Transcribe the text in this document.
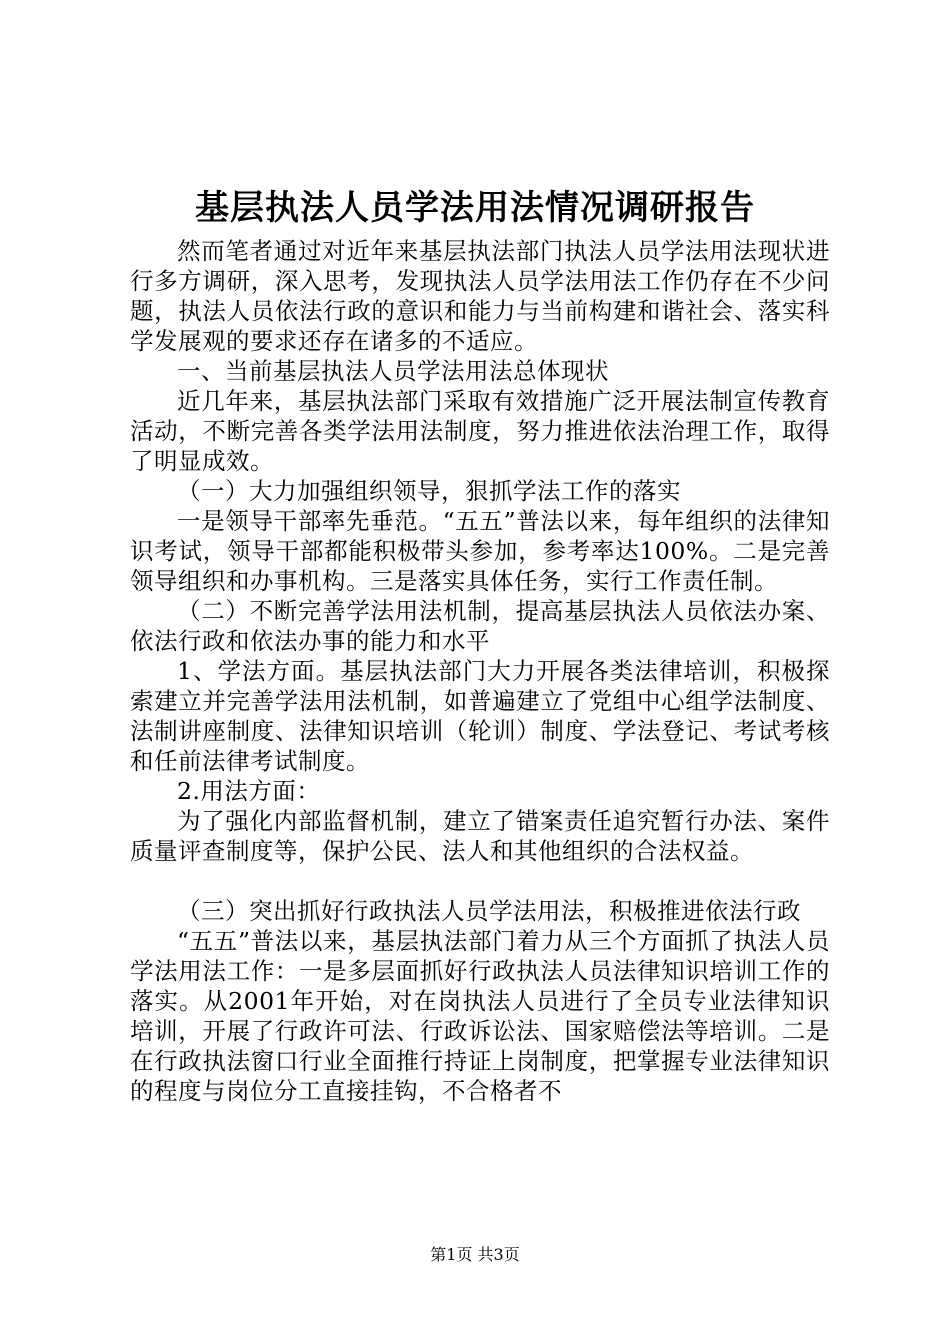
基层执法人员学法用法情况调研报告

然而笔者通过对近年来基层执法部门执法人员学法用法现状进行多方调研，深入思考，发现执法人员学法用法工作仍存在不少问题，执法人员依法行政的意识和能力与当前构建和谐社会、落实科学发展观的要求还存在诸多的不适应。

一、当前基层执法人员学法用法总体现状

近几年来，基层执法部门采取有效措施广泛开展法制宣传教育活动，不断完善各类学法用法制度，努力推进依法治理工作，取得了明显成效。

（一）大力加强组织领导，狠抓学法工作的落实

一是领导干部率先垂范。“五五”普法以来，每年组织的法律知识考试，领导干部都能积极带头参加，参考率达100%。二是完善领导组织和办事机构。三是落实具体任务，实行工作责任制。

（二）不断完善学法用法机制，提高基层执法人员依法办案、依法行政和依法办事的能力和水平

1、学法方面。基层执法部门大力开展各类法律培训，积极探索建立并完善学法用法机制，如普遍建立了党组中心组学法制度、法制讲座制度、法律知识培训（轮训）制度、学法登记、考试考核和任前法律考试制度。

2.用法方面：

为了强化内部监督机制，建立了错案责任追究暂行办法、案件质量评查制度等，保护公民、法人和其他组织的合法权益。

（三）突出抓好行政执法人员学法用法，积极推进依法行政

“五五”普法以来，基层执法部门着力从三个方面抓了执法人员学法用法工作：一是多层面抓好行政执法人员法律知识培训工作的落实。从2001年开始，对在岗执法人员进行了全员专业法律知识培训，开展了行政许可法、行政诉讼法、国家赔偿法等培训。二是在行政执法窗口行业全面推行持证上岗制度，把掌握专业法律知识的程度与岗位分工直接挂钩，不合格者不

第1页 共3页
